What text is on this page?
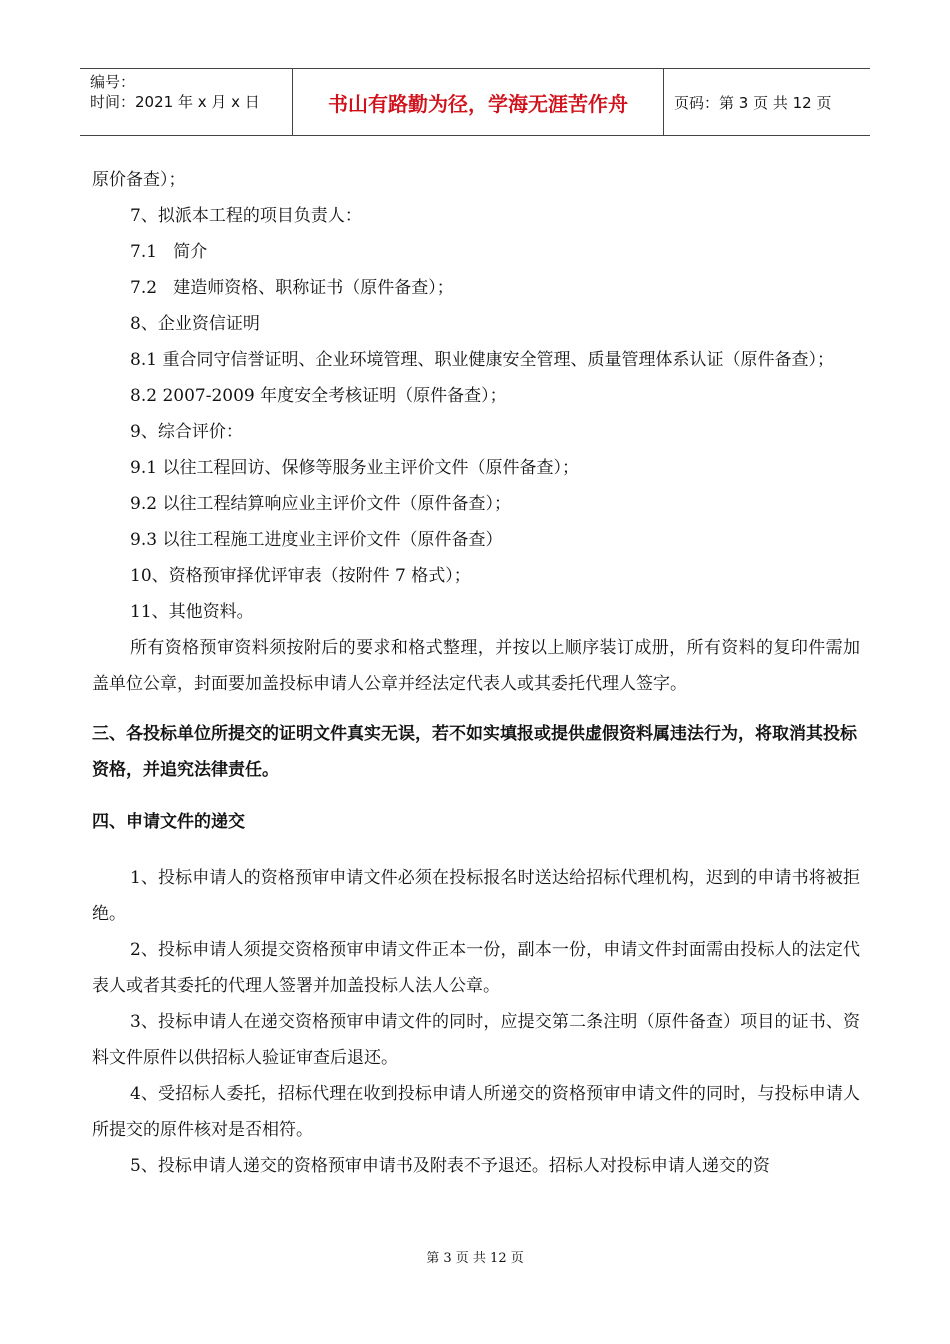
编号：
时间：2021 年 x 月 x 日	书山有路勤为径，学海无涯苦作舟	页码：第 3 页 共 12 页
原价备查）；
7、拟派本工程的项目负责人：
7.1   简介
7.2   建造师资格、职称证书（原件备查）；
8、企业资信证明
8.1 重合同守信誉证明、企业环境管理、职业健康安全管理、质量管理体系认证（原件备查）；
8.2 2007-2009 年度安全考核证明（原件备查）；
9、综合评价：
9.1 以往工程回访、保修等服务业主评价文件（原件备查）；
9.2 以往工程结算响应业主评价文件（原件备查）；
9.3 以往工程施工进度业主评价文件（原件备查）
10、资格预审择优评审表（按附件 7 格式）；
11、其他资料。
所有资格预审资料须按附后的要求和格式整理，并按以上顺序装订成册，所有资料的复印件需加盖单位公章，封面要加盖投标申请人公章并经法定代表人或其委托代理人签字。
三、各投标单位所提交的证明文件真实无误，若不如实填报或提供虚假资料属违法行为，将取消其投标资格，并追究法律责任。
四、申请文件的递交
1、投标申请人的资格预审申请文件必须在投标报名时送达给招标代理机构，迟到的申请书将被拒绝。
2、投标申请人须提交资格预审申请文件正本一份，副本一份，申请文件封面需由投标人的法定代表人或者其委托的代理人签署并加盖投标人法人公章。
3、投标申请人在递交资格预审申请文件的同时，应提交第二条注明（原件备查）项目的证书、资料文件原件以供招标人验证审查后退还。
4、受招标人委托，招标代理在收到投标申请人所递交的资格预审申请文件的同时，与投标申请人所提交的原件核对是否相符。
5、投标申请人递交的资格预审申请书及附表不予退还。招标人对投标申请人递交的资
第 3 页 共 12 页
